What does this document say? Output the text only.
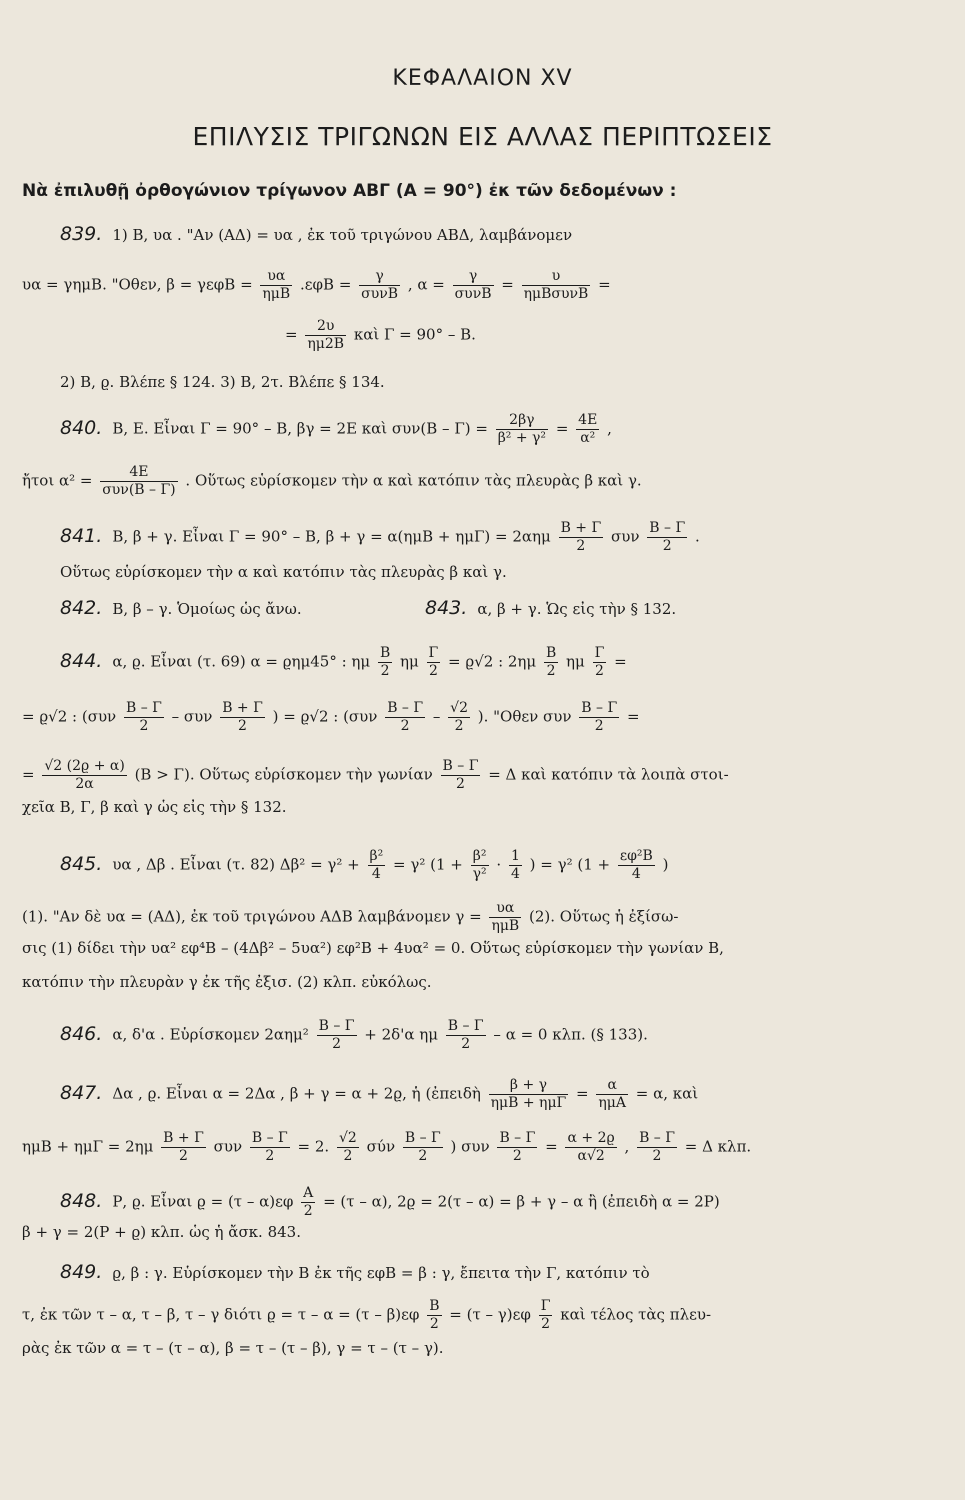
ΚΕΦΑΛΑΙΟΝ XV
ΕΠΙΛΥΣΙΣ ΤΡΙΓΩΝΩΝ ΕΙΣ ΑΛΛΑΣ ΠΕΡΙΠΤΩΣΕΙΣ
Νὰ ἐπιλυθῇ ὀρθογώνιον τρίγωνον ΑΒΓ (Α = 90°) ἐκ τῶν δεδομένων :
839. 1) Β, υα . "Αν (ΑΔ) = υα , ἐκ τοῦ τριγώνου ΑΒΔ, λαμβάνομεν
υα = γημΒ. "Οθεν, $\beta = \gamma\varepsilon\varphi B = \frac{\upsilon\alpha}{\text{ημΒ}} .\varepsilon\varphi B = \frac{\gamma}{\text{συνΒ}}$ , $\alpha = \frac{\gamma}{\text{συνΒ}} = \frac{\upsilon}{\text{ημΒσυνΒ}}$ =
= $\frac{2\upsilon}{\eta\mu 2B}$ καὶ Γ = 90° – Β.
2) Β, ϱ. Βλέπε § 124. 3) Β, 2τ. Βλέπε § 134.
840. Β, Ε. Εἶναι Γ = 90° – Β, βγ = 2Ε καὶ $\sigma\upsilon\nu(B - \Gamma) = \frac{2\beta\gamma}{\text{β² + γ²}} = \frac{4E}{\text{α²}}$ ,
ἤτοι $\alpha^2 = \frac{4E}{\text{συν(Β – Γ)}}$ . Οὕτως εὑρίσκομεν τὴν α καὶ κατόπιν τὰς πλευρὰς β καὶ γ.
841. Β, β + γ. Εἶναι Γ = 90° – Β, $\beta + \gamma = \alpha(\eta\mu B + \eta\mu\Gamma) = 2\alpha\eta\mu \frac{B + \Gamma}{2}$ συν $\frac{B - \Gamma}{2}$ .
Οὕτως εὑρίσκομεν τὴν α καὶ κατόπιν τὰς πλευρὰς β καὶ γ.
842. Β, β – γ. Ὁμοίως ὡς ἄνω.	843. α, β + γ. Ὡς εἰς τὴν § 132.
844. α, ϱ. Εἶναι (τ. 69) α = ϱημ45° : ημ $\frac{B}{2}$ ημ $\frac{\Gamma}{2} = ϱ√2$ : $2\eta\mu \frac{B}{2}$ ημ $\frac{\Gamma}{2}$ =
= ϱ√2 : ($\sigma\upsilon\nu \frac{B - \Gamma}{2}$ – συν $\frac{B + \Gamma}{2}$ ) = ϱ√2 : ($\sigma\upsilon\nu \frac{B - \Gamma}{2} - \frac{√2}{2}$ ). "Οθεν συν $\frac{B - \Gamma}{2}$ =
= $\frac{√2 (2ϱ + \alpha)}{2\alpha} (B > \Gamma)$. Οὕτως εὑρίσκομεν τὴν γωνίαν $\frac{B - \Gamma}{2} = \Delta$ καὶ κατόπιν τὰ λοιπὰ στοι-
χεῖα Β, Γ, β καὶ γ ὡς εἰς τὴν § 132.
845. υα , Δβ . Εἶναι (τ. 82) $\Delta\beta^2 = \gamma^2 + \frac{\text{β²}}{4} = \gamma^2$ ($1 + \frac{\text{β²}}{\text{γ²}} \cdot \frac{1}{4}$ ) = γ² ($1 + \frac{\text{εφ²Β}}{4}$ )
(1). "Αν δὲ υα = (ΑΔ), ἐκ τοῦ τριγώνου ΑΔΒ λαμβάνομεν $\gamma = \frac{\upsilon\alpha}{\text{ημΒ}} (2)$. Οὕτως ἡ ἐξίσω-
σις (1) δίδει τὴν υα² εφ⁴Β – (4Δβ² – 5υα²) εφ²Β + 4υα² = 0. Οὕτως εὑρίσκομεν τὴν γωνίαν Β,
κατόπιν τὴν πλευρὰν γ ἐκ τῆς ἐξισ. (2) κλπ. εὐκόλως.
846. α, δ'α . Εὑρίσκομεν $2\alpha\eta\mu^2 \frac{B - \Gamma}{2} + 2\delta'\alpha$ ημ $\frac{B - \Gamma}{2} - \alpha = 0$ κλπ. (§ 133).
847. Δα , ϱ. Εἶναι α = 2Δα , β + γ = α + 2ϱ, ἡ (ἐπειδὴ $\frac{\beta + \gamma}{\text{ημΒ + ημΓ}} = \frac{\alpha}{\text{ημΑ}} = \alpha$, καὶ
$\eta\mu B + \eta\mu\Gamma = 2\eta\mu \frac{B + \Gamma}{2}$ συν $\frac{B - \Gamma}{2} = 2$. $\frac{√2}{2}$ σύν $\frac{B - \Gamma}{2}$ ) συν $\frac{B - \Gamma}{2} = \frac{\alpha + 2ϱ}{\alpha√2}$ , $\frac{B - \Gamma}{2} = \Delta$ κλπ.
848. Ρ, ϱ. Εἶναι $ϱ = (\tau - \alpha)\varepsilon\varphi \frac{A}{2} = (\tau - \alpha)$, 2ϱ = 2(τ – α) = β + γ – α ἢ (ἐπειδὴ α = 2Ρ)
β + γ = 2(Ρ + ϱ) κλπ. ὡς ἡ ἄσκ. 843.
849. ϱ, β : γ. Εὑρίσκομεν τὴν Β ἐκ τῆς εφΒ = β : γ, ἔπειτα τὴν Γ, κατόπιν τὸ
τ, ἐκ τῶν τ – α, τ – β, τ – γ διότι $ϱ = \tau - \alpha = (\tau - \beta)\varepsilon\varphi \frac{B}{2} = (\tau - \gamma)\varepsilon\varphi \frac{\Gamma}{2}$ καὶ τέλος τὰς πλευ-
ρὰς ἐκ τῶν α = τ – (τ – α), β = τ – (τ – β), γ = τ – (τ – γ).
